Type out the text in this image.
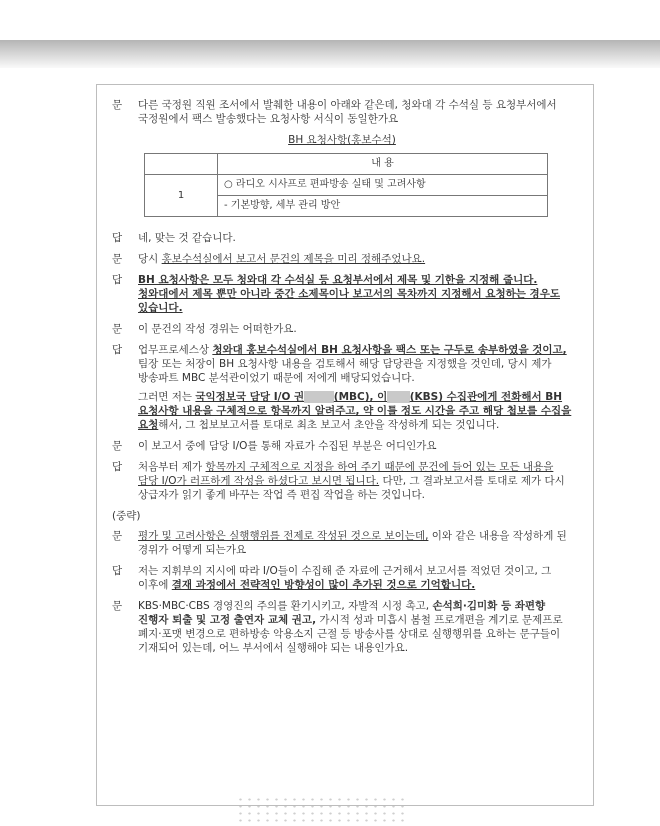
문	다른 국정원 직원 조서에서 발췌한 내용이 아래와 같은데, 청와대 각 수석실 등 요청부서에서 국정원에서 팩스 발송했다는 요청사항 서식이 동일한가요
BH 요청사항(홍보수석)
	내 용
1	○ 라디오 시사프로 편파방송 실태 및 고려사항
	- 기본방향, 세부 관리 방안
답	네, 맞는 것 같습니다.
문	당시 홍보수석실에서 보고서 문건의 제목을 미리 정해주었나요.
답	BH 요청사항은 모두 청와대 각 수석실 등 요청부서에서 제목 및 기한을 지정해 줍니다. 청와대에서 제목 뿐만 아니라 중간 소제목이나 보고서의 목차까지 지정해서 요청하는 경우도 있습니다.
문	이 문건의 작성 경위는 어떠한가요.
답	업무프로세스상 청와대 홍보수석실에서 BH 요청사항을 팩스 또는 구두로 송부하였을 것이고, 팀장 또는 처장이 BH 요청사항 내용을 검토해서 해당 담당관을 지정했을 것인데, 당시 제가 방송파트 MBC 분석관이었기 때문에 저에게 배당되었습니다.
그러면 저는 국익정보국 담당 I/O 권	(MBC), 이 (KBS) 수집관에게 전화해서 BH요청사항 내용을 구체적으로 항목까지 알려주고, 약 이틀 정도 시간을 주고 해당 첩보를 수집을 요청해서, 그 첩보보고서를 토대로 최초 보고서 초안을 작성하게 되는 것입니다.
문	이 보고서 중에 담당 I/O를 통해 자료가 수집된 부분은 어디인가요
답	처음부터 제가 항목까지 구체적으로 지정을 하여 주기 때문에 문건에 들어 있는 모든 내용을 담당 I/O가 러프하게 작성을 하셨다고 보시면 됩니다. 다만, 그 결과보고서를 토대로 제가 다시 상급자가 읽기 좋게 바꾸는 작업 즉 편집 작업을 하는 것입니다.
(중략)
문	평가 및 고려사항은 실행행위를 전제로 작성된 것으로 보이는데, 이와 같은 내용을 작성하게 된 경위가 어떻게 되는가요
답	저는 지휘부의 지시에 따라 I/O들이 수집해 준 자료에 근거해서 보고서를 적었던 것이고, 그 이후에 결재 과정에서 전략적인 방향성이 많이 추가된 것으로 기억합니다.
문	KBS·MBC·CBS 경영진의 주의를 환기시키고, 자발적 시정 촉고, 손석희·김미화 등 좌편향 진행자 퇴출 및 고정 출연자 교체 권고, 가시적 성과 미흡시 봄철 프로개편을 계기로 문제프로 폐지·포맷 변경으로 편하방송 악용소지 근절 등 방송사를 상대로 실행행위를 요하는 문구들이 기재되어 있는데, 어느 부서에서 실행해야 되는 내용인가요.
